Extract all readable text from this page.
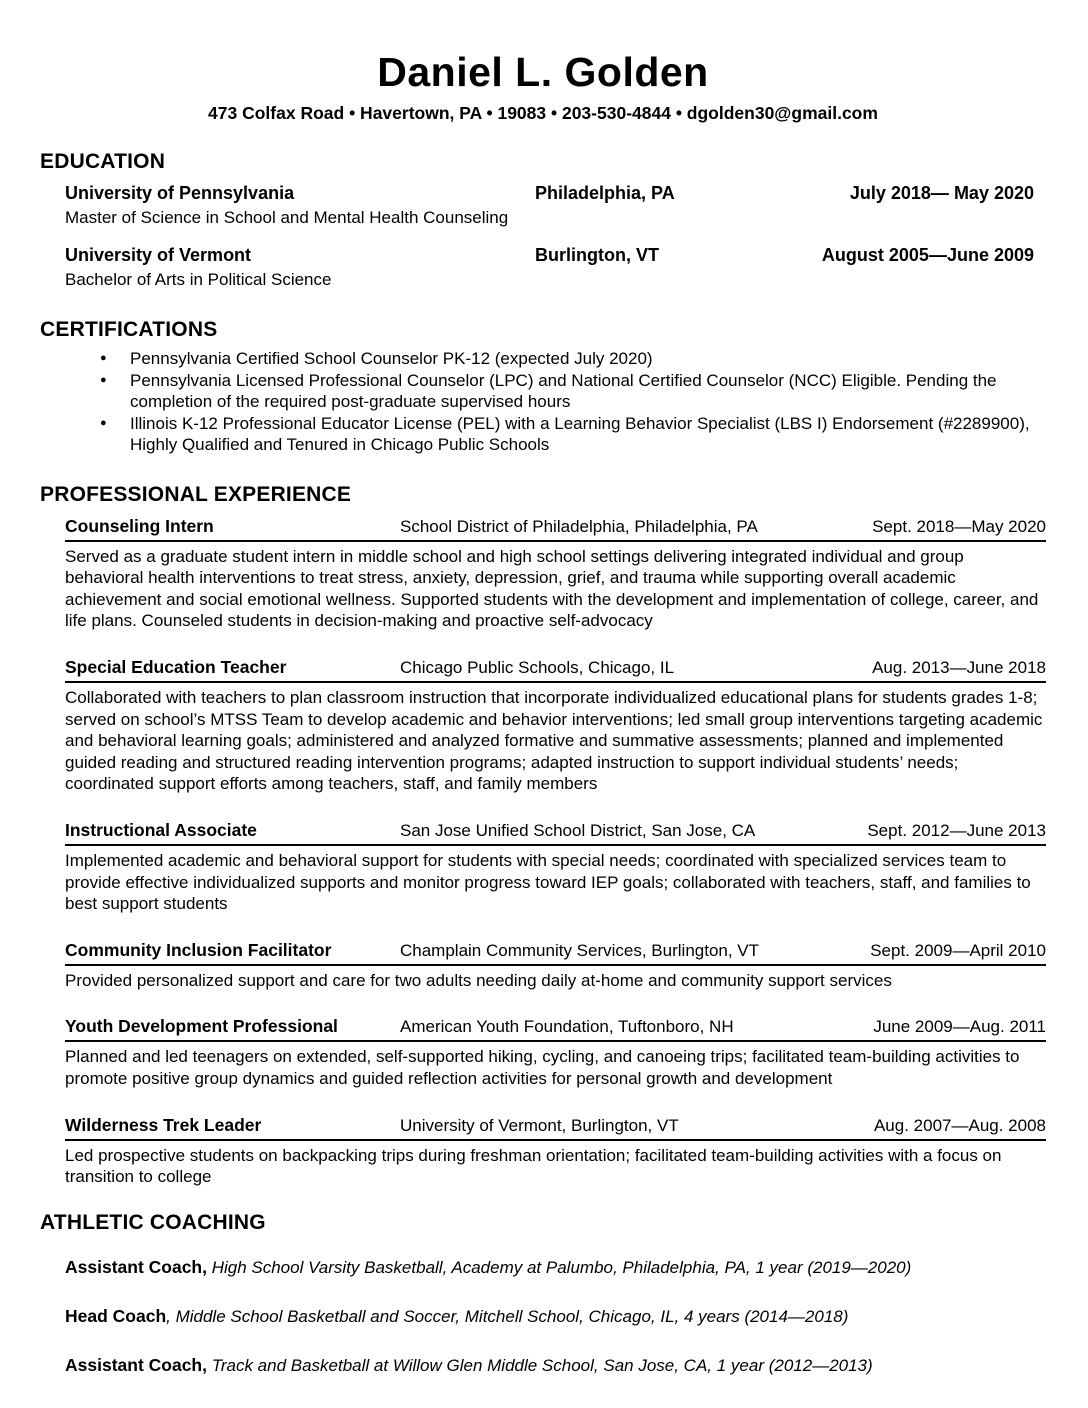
Daniel L. Golden
473 Colfax Road • Havertown, PA • 19083 • 203-530-4844 • dgolden30@gmail.com
EDUCATION
University of Pennsylvania	Philadelphia, PA	July 2018— May 2020
Master of Science in School and Mental Health Counseling
University of Vermont	Burlington, VT	August 2005—June 2009
Bachelor of Arts in Political Science
CERTIFICATIONS
●	Pennsylvania Certified School Counselor PK-12 (expected July 2020)
●	Pennsylvania Licensed Professional Counselor (LPC) and National Certified Counselor (NCC) Eligible. Pending the completion of the required post-graduate supervised hours
●	Illinois K-12 Professional Educator License (PEL) with a Learning Behavior Specialist (LBS I) Endorsement (#2289900), Highly Qualified and Tenured in Chicago Public Schools
PROFESSIONAL EXPERIENCE
Counseling Intern	School District of Philadelphia, Philadelphia, PA	Sept. 2018—May 2020
Served as a graduate student intern in middle school and high school settings delivering integrated individual and group behavioral health interventions to treat stress, anxiety, depression, grief, and trauma while supporting overall academic achievement and social emotional wellness. Supported students with the development and implementation of college, career, and life plans. Counseled students in decision-making and proactive self-advocacy
Special Education Teacher	Chicago Public Schools, Chicago, IL	Aug. 2013—June 2018
Collaborated with teachers to plan classroom instruction that incorporate individualized educational plans for students grades 1-8; served on school’s MTSS Team to develop academic and behavior interventions; led small group interventions targeting academic and behavioral learning goals; administered and analyzed formative and summative assessments; planned and implemented guided reading and structured reading intervention programs; adapted instruction to support individual students’ needs; coordinated support efforts among teachers, staff, and family members
Instructional Associate	San Jose Unified School District, San Jose, CA	Sept. 2012—June 2013
Implemented academic and behavioral support for students with special needs; coordinated with specialized services team to provide effective individualized supports and monitor progress toward IEP goals; collaborated with teachers, staff, and families to best support students
Community Inclusion Facilitator	Champlain Community Services, Burlington, VT	Sept. 2009—April 2010
Provided personalized support and care for two adults needing daily at-home and community support services
Youth Development Professional	American Youth Foundation, Tuftonboro, NH	June 2009—Aug. 2011
Planned and led teenagers on extended, self-supported hiking, cycling, and canoeing trips; facilitated team-building activities to promote positive group dynamics and guided reflection activities for personal growth and development
Wilderness Trek Leader	University of Vermont, Burlington, VT	Aug. 2007—Aug. 2008
Led prospective students on backpacking trips during freshman orientation; facilitated team-building activities with a focus on transition to college
ATHLETIC COACHING
Assistant Coach, High School Varsity Basketball, Academy at Palumbo, Philadelphia, PA, 1 year (2019—2020)
Head Coach, Middle School Basketball and Soccer, Mitchell School, Chicago, IL, 4 years (2014—2018)
Assistant Coach, Track and Basketball at Willow Glen Middle School, San Jose, CA, 1 year (2012—2013)
